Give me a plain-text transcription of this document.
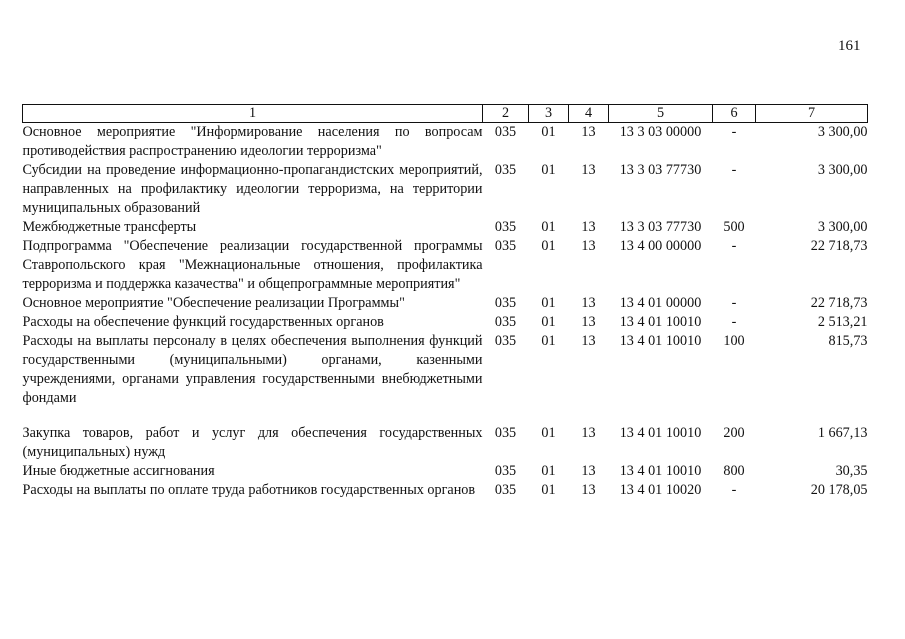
161
1	2	3	4	5	6	7
Основное мероприятие "Информирование населения по вопросам противодействия распространению идеологии терроризма"	035	01	13	13 3 03 00000	-	3 300,00
Субсидии на проведение информационно-пропагандистских мероприятий, направленных на профилактику идеологии терроризма, на территории муниципальных образований	035	01	13	13 3 03 77730	-	3 300,00
Межбюджетные трансферты	035	01	13	13 3 03 77730	500	3 300,00
Подпрограмма "Обеспечение реализации государственной программы Ставропольского края "Межнациональные отношения, профилактика терроризма и поддержка казачества" и общепрограммные мероприятия"	035	01	13	13 4 00 00000	-	22 718,73
Основное мероприятие "Обеспечение реализации Программы"	035	01	13	13 4 01 00000	-	22 718,73
Расходы на обеспечение функций государственных органов	035	01	13	13 4 01 10010	-	2 513,21
Расходы на выплаты персоналу в целях обеспечения выполнения функций государственными (муниципальными) органами, казенными учреждениями, органами управления государственными внебюджетными фондами	035	01	13	13 4 01 10010	100	815,73

Закупка товаров, работ и услуг для обеспечения государственных (муниципальных) нужд	035	01	13	13 4 01 10010	200	1 667,13
Иные бюджетные ассигнования	035	01	13	13 4 01 10010	800	30,35
Расходы на выплаты по оплате труда работников государственных органов	035	01	13	13 4 01 10020	-	20 178,05
